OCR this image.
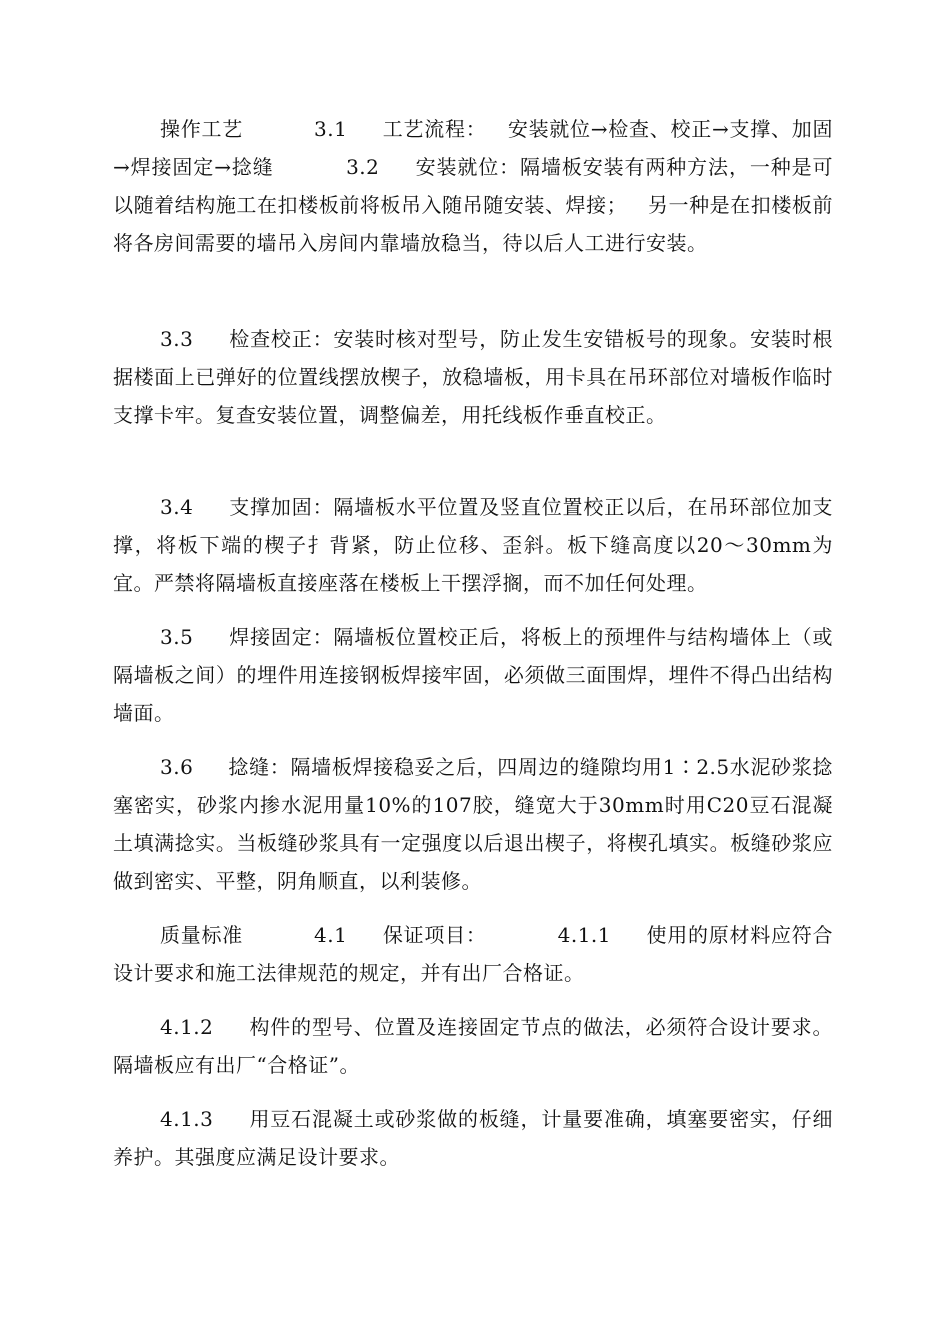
操作工艺          3.1     工艺流程：   安装就位→检查、校正→支撑、加固→焊接固定→捻缝          3.2     安装就位：隔墙板安装有两种方法，一种是可以随着结构施工在扣楼板前将板吊入随吊随安装、焊接；   另一种是在扣楼板前将各房间需要的墙吊入房间内靠墙放稳当，待以后人工进行安装。

3.3     检查校正：安装时核对型号，防止发生安错板号的现象。安装时根据楼面上已弹好的位置线摆放楔子，放稳墙板，用卡具在吊环部位对墙板作临时支撑卡牢。复查安装位置，调整偏差，用托线板作垂直校正。

3.4     支撑加固：隔墙板水平位置及竖直位置校正以后，在吊环部位加支撑，将板下端的楔子扌背紧，防止位移、歪斜。板下缝高度以20～30mm为宜。严禁将隔墙板直接座落在楼板上干摆浮搁，而不加任何处理。

3.5     焊接固定：隔墙板位置校正后，将板上的预埋件与结构墙体上（或隔墙板之间）的埋件用连接钢板焊接牢固，必须做三面围焊，埋件不得凸出结构墙面。

3.6     捻缝：隔墙板焊接稳妥之后，四周边的缝隙均用1∶2.5水泥砂浆捻塞密实，砂浆内掺水泥用量10%的107胶，缝宽大于30mm时用C20豆石混凝土填满捻实。当板缝砂浆具有一定强度以后退出楔子，将楔孔填实。板缝砂浆应做到密实、平整，阴角顺直，以利装修。

质量标准          4.1     保证项目：          4.1.1     使用的原材料应符合设计要求和施工法律规范的规定，并有出厂合格证。

4.1.2     构件的型号、位置及连接固定节点的做法，必须符合设计要求。隔墙板应有出厂“合格证”。

4.1.3     用豆石混凝土或砂浆做的板缝，计量要准确，填塞要密实，仔细养护。其强度应满足设计要求。
